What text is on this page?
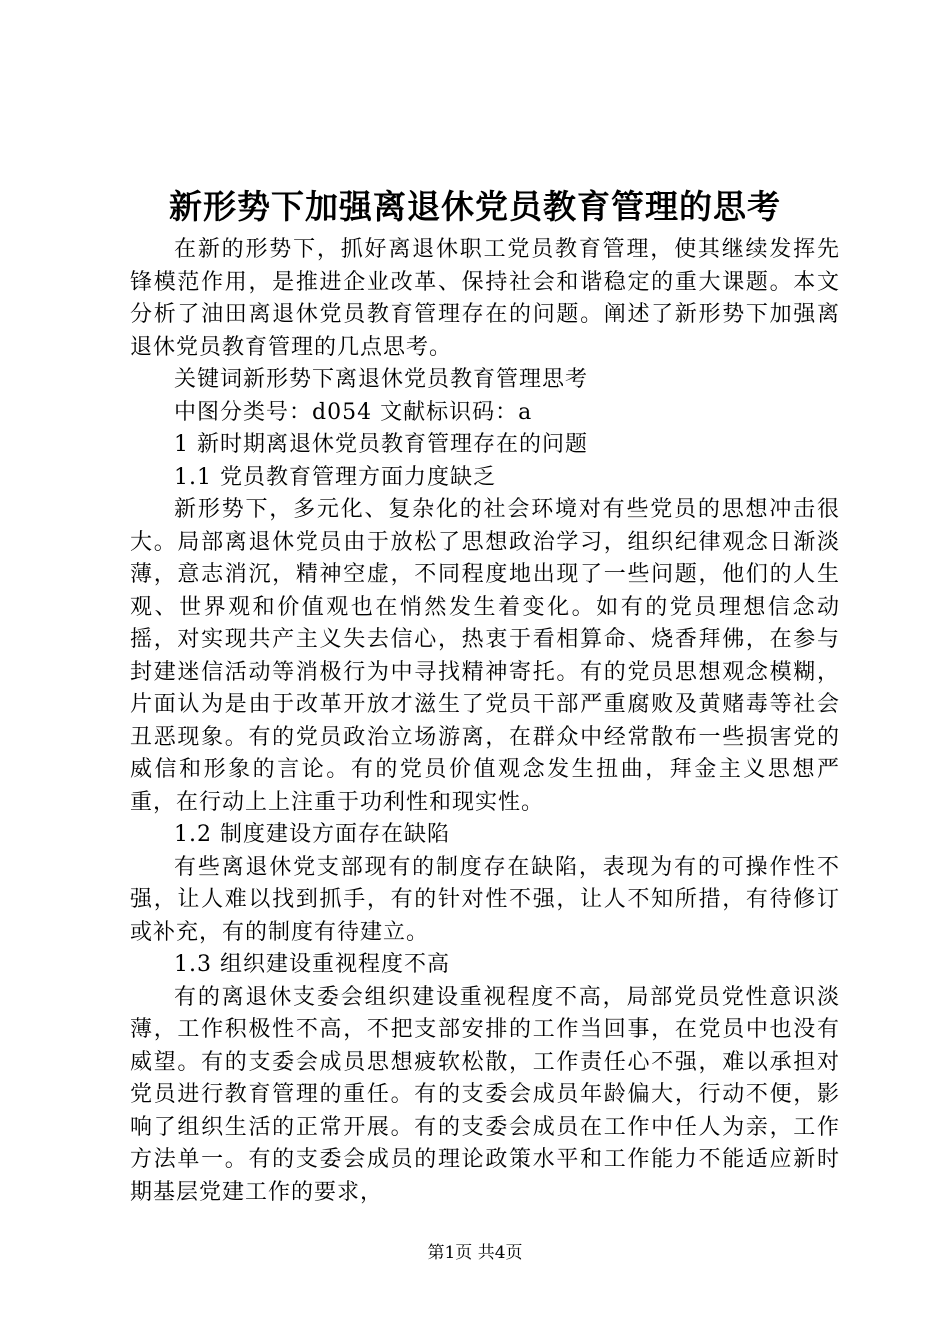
新形势下加强离退休党员教育管理的思考

在新的形势下，抓好离退休职工党员教育管理，使其继续发挥先锋模范作用，是推进企业改革、保持社会和谐稳定的重大课题。本文分析了油田离退休党员教育管理存在的问题。阐述了新形势下加强离退休党员教育管理的几点思考。

关键词新形势下离退休党员教育管理思考

中图分类号：d054 文献标识码：a

1 新时期离退休党员教育管理存在的问题

1.1 党员教育管理方面力度缺乏

新形势下，多元化、复杂化的社会环境对有些党员的思想冲击很大。局部离退休党员由于放松了思想政治学习，组织纪律观念日渐淡薄，意志消沉，精神空虚，不同程度地出现了一些问题，他们的人生观、世界观和价值观也在悄然发生着变化。如有的党员理想信念动摇，对实现共产主义失去信心，热衷于看相算命、烧香拜佛，在参与封建迷信活动等消极行为中寻找精神寄托。有的党员思想观念模糊，片面认为是由于改革开放才滋生了党员干部严重腐败及黄赌毒等社会丑恶现象。有的党员政治立场游离，在群众中经常散布一些损害党的威信和形象的言论。有的党员价值观念发生扭曲，拜金主义思想严重，在行动上上注重于功利性和现实性。

1.2 制度建设方面存在缺陷

有些离退休党支部现有的制度存在缺陷，表现为有的可操作性不强，让人难以找到抓手，有的针对性不强，让人不知所措，有待修订或补充，有的制度有待建立。

1.3 组织建设重视程度不高

有的离退休支委会组织建设重视程度不高，局部党员党性意识淡薄，工作积极性不高，不把支部安排的工作当回事，在党员中也没有威望。有的支委会成员思想疲软松散，工作责任心不强，难以承担对党员进行教育管理的重任。有的支委会成员年龄偏大，行动不便，影响了组织生活的正常开展。有的支委会成员在工作中任人为亲，工作方法单一。有的支委会成员的理论政策水平和工作能力不能适应新时期基层党建工作的要求，

第1页 共4页
